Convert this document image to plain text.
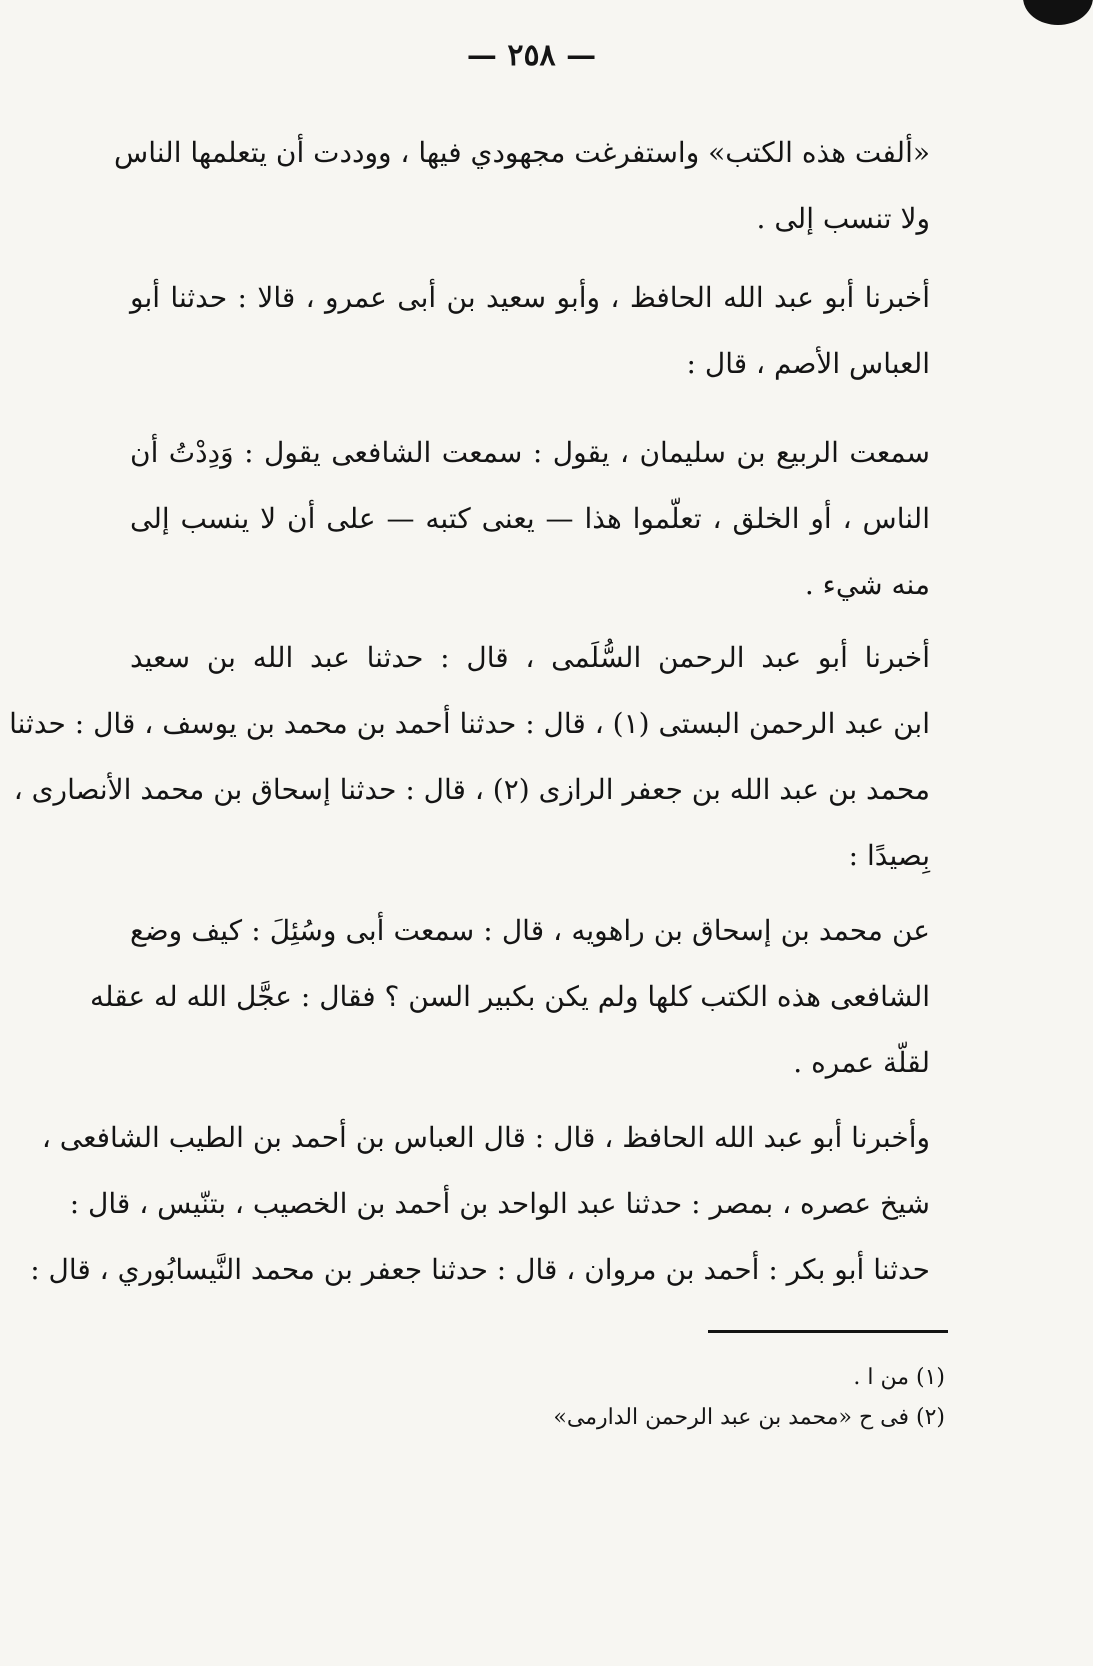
— ٢٥٨ —
«ألفت هذه الكتب» واستفرغت مجهودي فيها ، ووددت أن يتعلمها الناس
ولا تنسب إلى .
أخبرنا أبو عبد الله الحافظ ، وأبو سعيد بن أبى عمرو ، قالا : حدثنا أبو
العباس الأصم ، قال :
سمعت الربيع بن سليمان ، يقول : سمعت الشافعى يقول : وَدِدْتُ أن
الناس ، أو الخلق ، تعلّموا هذا — يعنى كتبه — على أن لا ينسب إلى
منه شيء .
أخبرنا أبو عبد الرحمن السُّلَمى ، قال : حدثنا عبد الله بن سعيد
ابن عبد الرحمن البستى (١) ، قال : حدثنا أحمد بن محمد بن يوسف ، قال : حدثنا
محمد بن عبد الله بن جعفر الرازى (٢) ، قال : حدثنا إسحاق بن محمد الأنصارى ،
بِصيدًا :
عن محمد بن إسحاق بن راهويه ، قال : سمعت أبى وسُئِلَ : كيف وضع
الشافعى هذه الكتب كلها ولم يكن بكبير السن ؟ فقال : عجَّل الله له عقله
لقلّة عمره .
وأخبرنا أبو عبد الله الحافظ ، قال : قال العباس بن أحمد بن الطيب الشافعى ،
شيخ عصره ، بمصر : حدثنا عبد الواحد بن أحمد بن الخصيب ، بتنّيس ، قال :
حدثنا أبو بكر : أحمد بن مروان ، قال : حدثنا جعفر بن محمد النَّيسابُوري ، قال :
(١) من ا .
(٢) فى ح «محمد بن عبد الرحمن الدارمى»
